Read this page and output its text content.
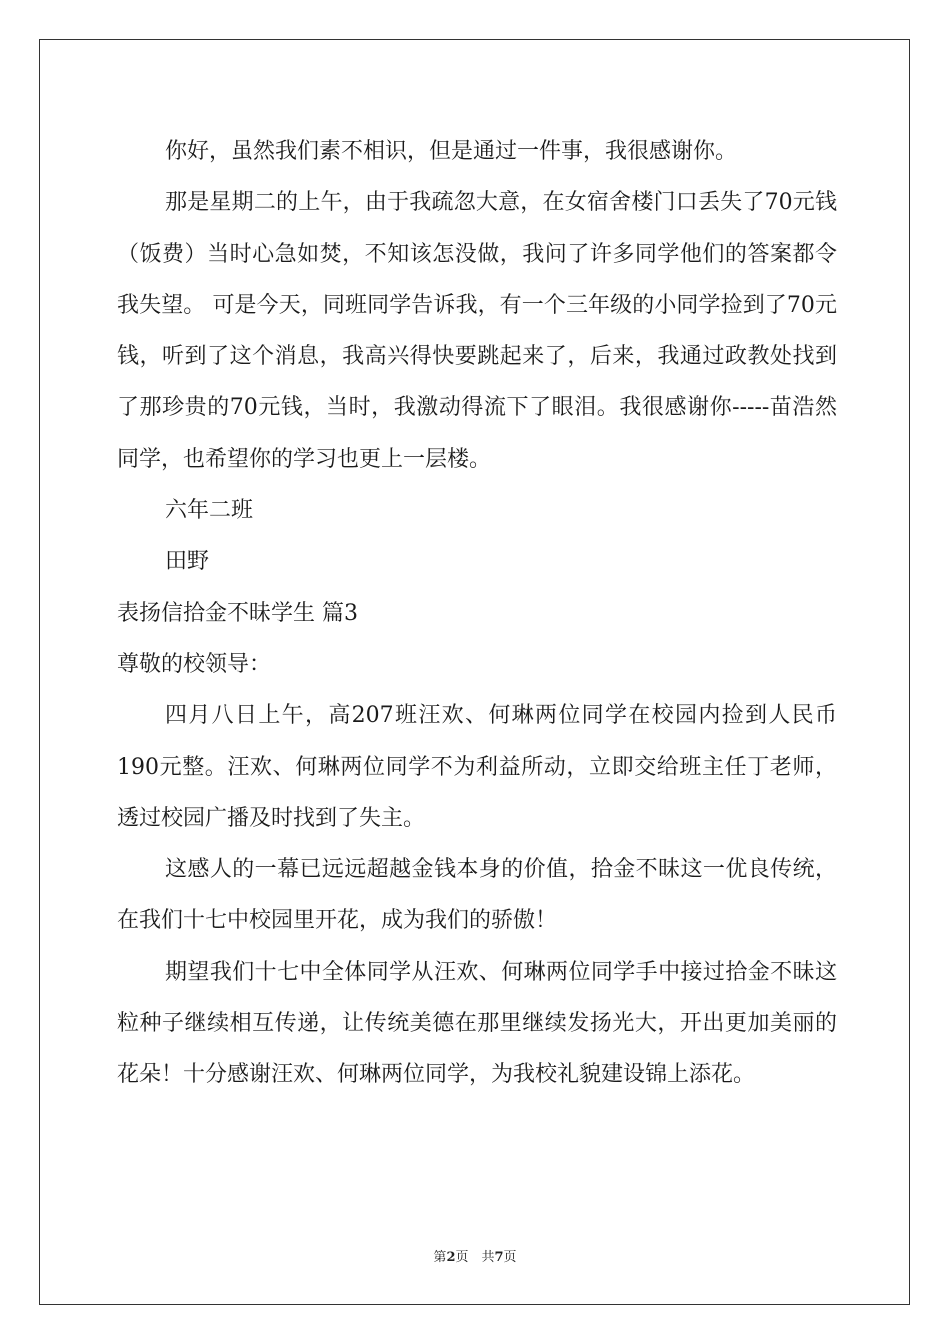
你好，虽然我们素不相识，但是通过一件事，我很感谢你。

那是星期二的上午，由于我疏忽大意，在女宿舍楼门口丢失了70元钱（饭费）当时心急如焚，不知该怎没做，我问了许多同学他们的答案都令我失望。 可是今天，同班同学告诉我，有一个三年级的小同学捡到了70元钱，听到了这个消息，我高兴得快要跳起来了，后来，我通过政教处找到了那珍贵的70元钱，当时，我激动得流下了眼泪。我很感谢你-----苗浩然同学，也希望你的学习也更上一层楼。

六年二班

田野

表扬信拾金不昧学生 篇3

尊敬的校领导：

四月八日上午，高207班汪欢、何琳两位同学在校园内捡到人民币190元整。汪欢、何琳两位同学不为利益所动，立即交给班主任丁老师，透过校园广播及时找到了失主。

这感人的一幕已远远超越金钱本身的价值，拾金不昧这一优良传统，在我们十七中校园里开花，成为我们的骄傲！

期望我们十七中全体同学从汪欢、何琳两位同学手中接过拾金不昧这粒种子继续相互传递，让传统美德在那里继续发扬光大，开出更加美丽的花朵！十分感谢汪欢、何琳两位同学，为我校礼貌建设锦上添花。

第2页　共7页
